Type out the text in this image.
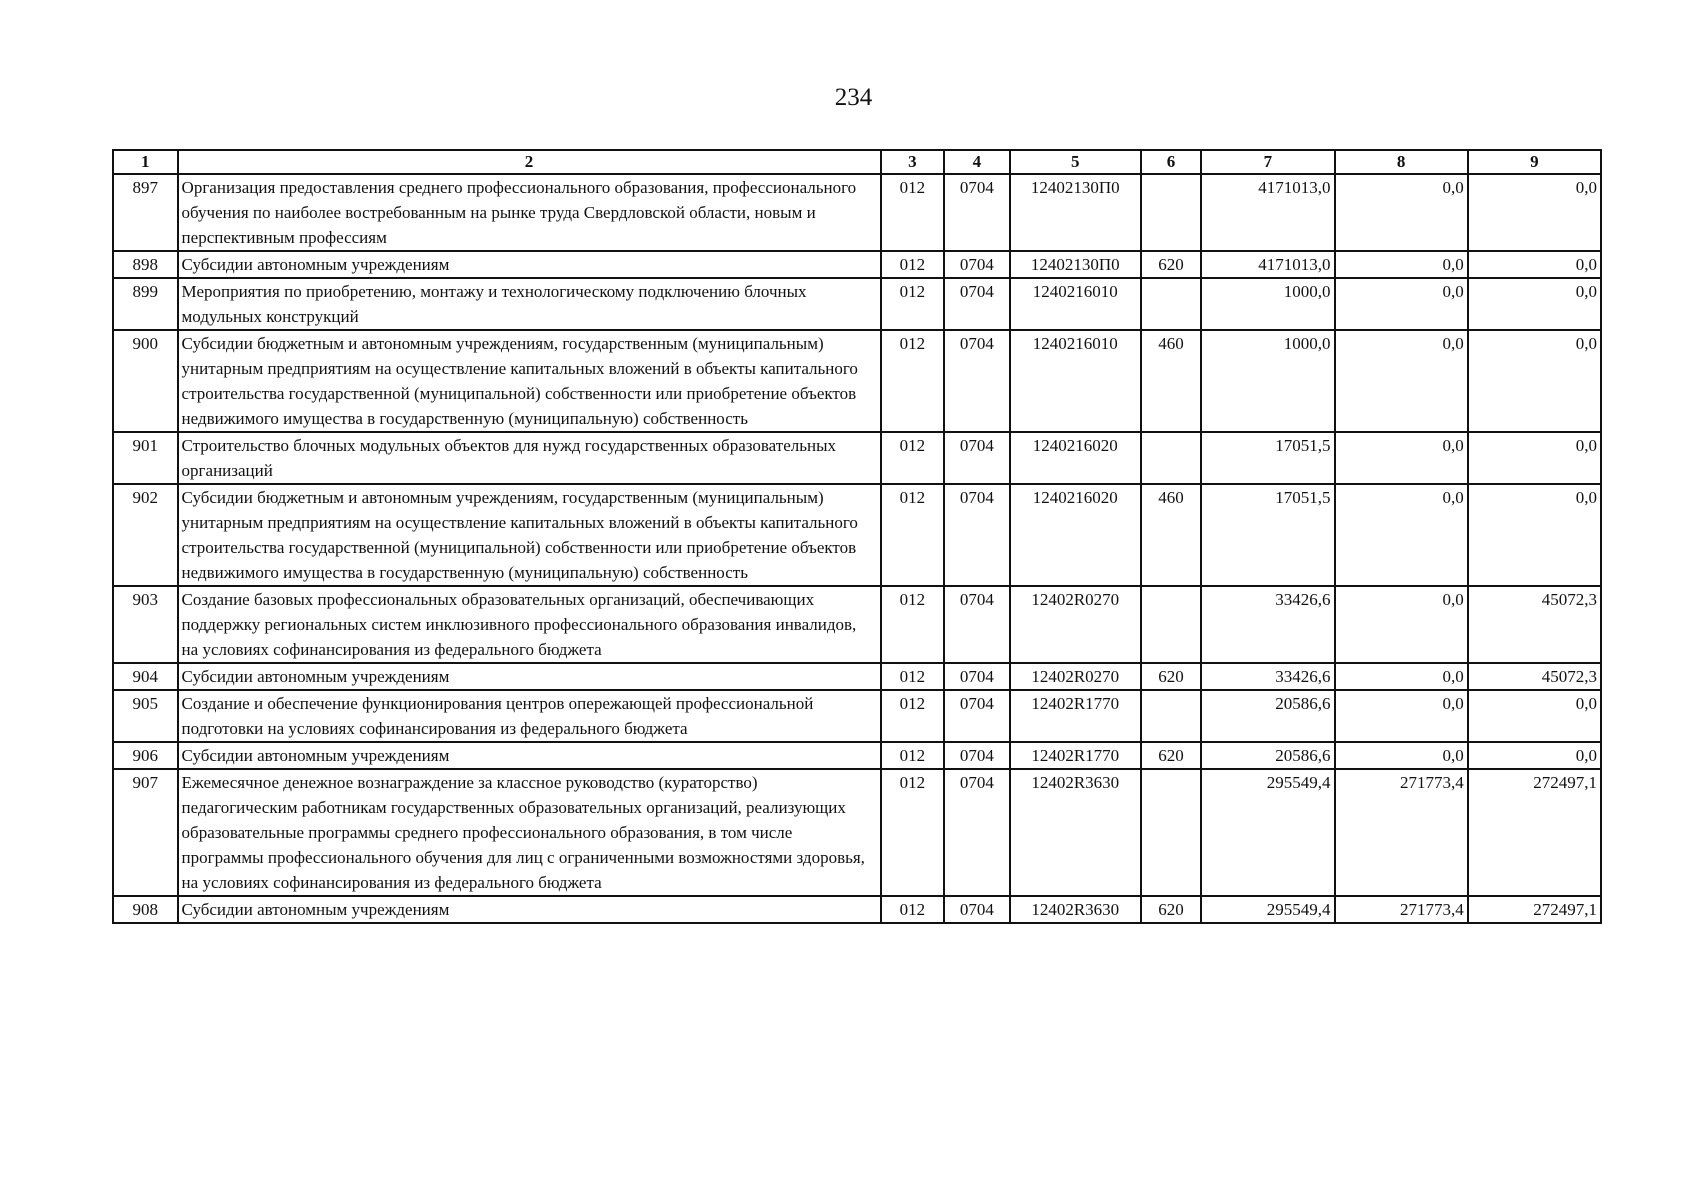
234
1	2	3	4	5	6	7	8	9
897	Организация предоставления среднего профессионального образования, профессионального обучения по наиболее востребованным на рынке труда Свердловской области, новым и перспективным профессиям	012	0704	12402130П0		4171013,0	0,0	0,0
898	Субсидии автономным учреждениям	012	0704	12402130П0	620	4171013,0	0,0	0,0
899	Мероприятия по приобретению, монтажу и технологическому подключению блочных модульных конструкций	012	0704	1240216010		1000,0	0,0	0,0
900	Субсидии бюджетным и автономным учреждениям, государственным (муниципальным) унитарным предприятиям на осуществление капитальных вложений в объекты капитального строительства государственной (муниципальной) собственности или приобретение объектов недвижимого имущества в государственную (муниципальную) собственность	012	0704	1240216010	460	1000,0	0,0	0,0
901	Строительство блочных модульных объектов для нужд государственных образовательных организаций	012	0704	1240216020		17051,5	0,0	0,0
902	Субсидии бюджетным и автономным учреждениям, государственным (муниципальным) унитарным предприятиям на осуществление капитальных вложений в объекты капитального строительства государственной (муниципальной) собственности или приобретение объектов недвижимого имущества в государственную (муниципальную) собственность	012	0704	1240216020	460	17051,5	0,0	0,0
903	Создание базовых профессиональных образовательных организаций, обеспечивающих поддержку региональных систем инклюзивного профессионального образования инвалидов, на условиях софинансирования из федерального бюджета	012	0704	12402R0270		33426,6	0,0	45072,3
904	Субсидии автономным учреждениям	012	0704	12402R0270	620	33426,6	0,0	45072,3
905	Создание и обеспечение функционирования центров опережающей профессиональной подготовки на условиях софинансирования из федерального бюджета	012	0704	12402R1770		20586,6	0,0	0,0
906	Субсидии автономным учреждениям	012	0704	12402R1770	620	20586,6	0,0	0,0
907	Ежемесячное денежное вознаграждение за классное руководство (кураторство) педагогическим работникам государственных образовательных организаций, реализующих образовательные программы среднего профессионального образования, в том числе программы профессионального обучения для лиц с ограниченными возможностями здоровья, на условиях софинансирования из федерального бюджета	012	0704	12402R3630		295549,4	271773,4	272497,1
908	Субсидии автономным учреждениям	012	0704	12402R3630	620	295549,4	271773,4	272497,1
